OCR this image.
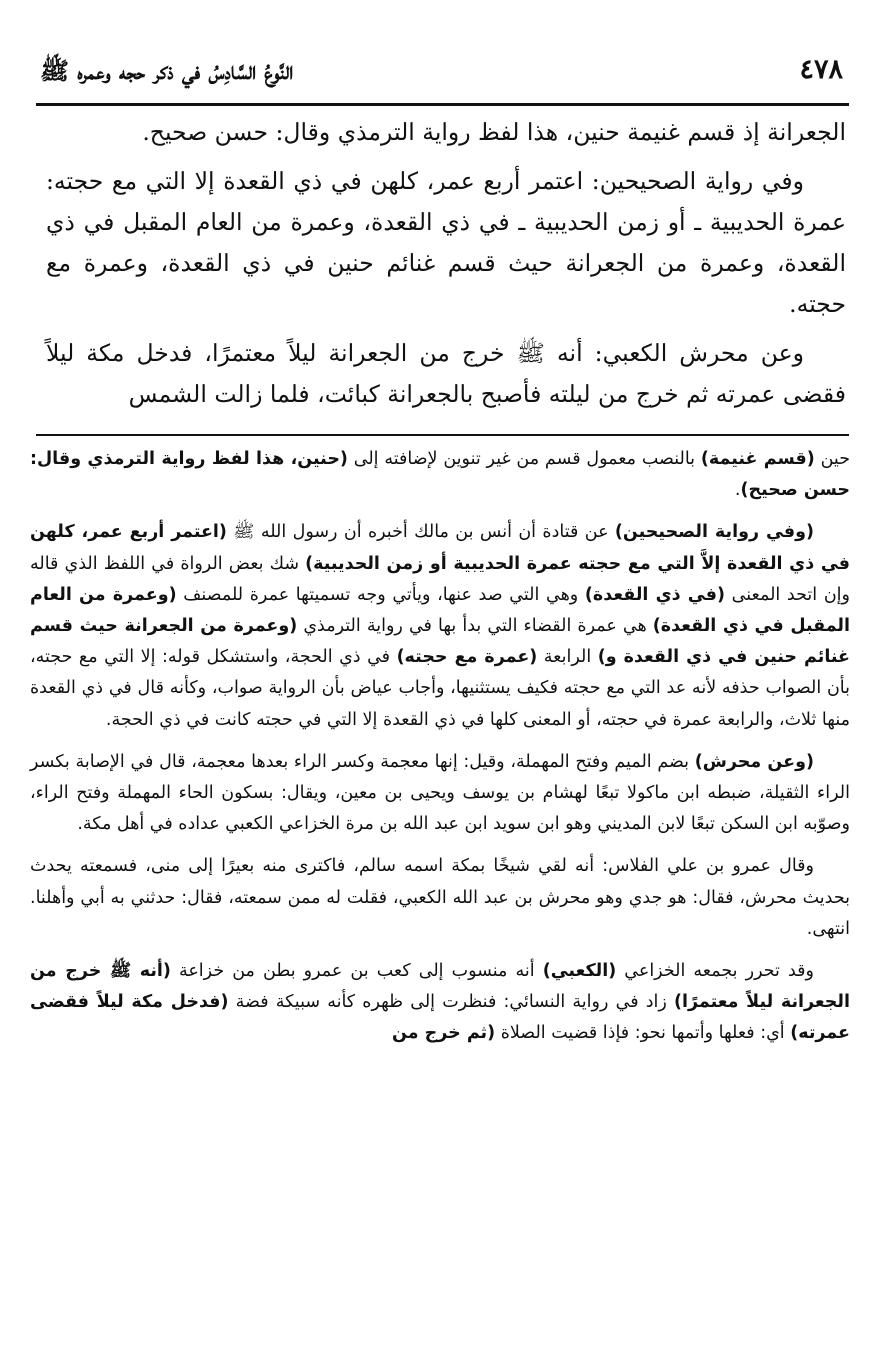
٤٧٨
النَّوعُ السَّادِسُ في ذكر حجه وعمره ﷺ

الجعرانة إذ قسم غنيمة حنين، هذا لفظ رواية الترمذي وقال: حسن صحيح.

وفي رواية الصحيحين: اعتمر أربع عمر، كلهن في ذي القعدة إلا التي مع حجته: عمرة الحديبية ـ أو زمن الحديبية ـ في ذي القعدة، وعمرة من العام المقبل في ذي القعدة، وعمرة من الجعرانة حيث قسم غنائم حنين في ذي القعدة، وعمرة مع حجته.

وعن محرش الكعبي: أنه ﷺ خرج من الجعرانة ليلاً معتمرًا، فدخل مكة ليلاً فقضى عمرته ثم خرج من ليلته فأصبح بالجعرانة كبائت، فلما زالت الشمس

حين (قسم غنيمة) بالنصب معمول قسم من غير تنوين لإضافته إلى (حنين، هذا لفظ رواية الترمذي وقال: حسن صحيح).

(وفي رواية الصحيحين) عن قتادة أن أنس بن مالك أخبره أن رسول الله ﷺ (اعتمر أربع عمر، كلهن في ذي القعدة إلاَّ التي مع حجته عمرة الحديبية أو زمن الحديبية) شك بعض الرواة في اللفظ الذي قاله وإن اتحد المعنى (في ذي القعدة) وهي التي صد عنها، ويأتي وجه تسميتها عمرة للمصنف (وعمرة من العام المقبل في ذي القعدة) هي عمرة القضاء التي بدأ بها في رواية الترمذي (وعمرة من الجعرانة حيث قسم غنائم حنين في ذي القعدة و) الرابعة (عمرة مع حجته) في ذي الحجة، واستشكل قوله: إلا التي مع حجته، بأن الصواب حذفه لأنه عد التي مع حجته فكيف يستثنيها، وأجاب عياض بأن الرواية صواب، وكأنه قال في ذي القعدة منها ثلاث، والرابعة عمرة في حجته، أو المعنى كلها في ذي القعدة إلا التي في حجته كانت في ذي الحجة.

(وعن محرش) بضم الميم وفتح المهملة، وقيل: إنها معجمة وكسر الراء بعدها معجمة، قال في الإصابة بكسر الراء الثقيلة، ضبطه ابن ماكولا تبعًا لهشام بن يوسف ويحيى بن معين، ويقال: بسكون الحاء المهملة وفتح الراء، وصوّبه ابن السكن تبعًا لابن المديني وهو ابن سويد ابن عبد الله بن مرة الخزاعي الكعبي عداده في أهل مكة.

وقال عمرو بن علي الفلاس: أنه لقي شيخًا بمكة اسمه سالم، فاكترى منه بعيرًا إلى منى، فسمعته يحدث بحديث محرش، فقال: هو جدي وهو محرش بن عبد الله الكعبي، فقلت له ممن سمعته، فقال: حدثني به أبي وأهلنا. انتهى.

وقد تحرر بجمعه الخزاعي (الكعبي) أنه منسوب إلى كعب بن عمرو بطن من خزاعة (أنه ﷺ خرج من الجعرانة ليلاً معتمرًا) زاد في رواية النسائي: فنظرت إلى ظهره كأنه سبيكة فضة (فدخل مكة ليلاً فقضى عمرته) أي: فعلها وأتمها نحو: فإذا قضيت الصلاة (ثم خرج من
